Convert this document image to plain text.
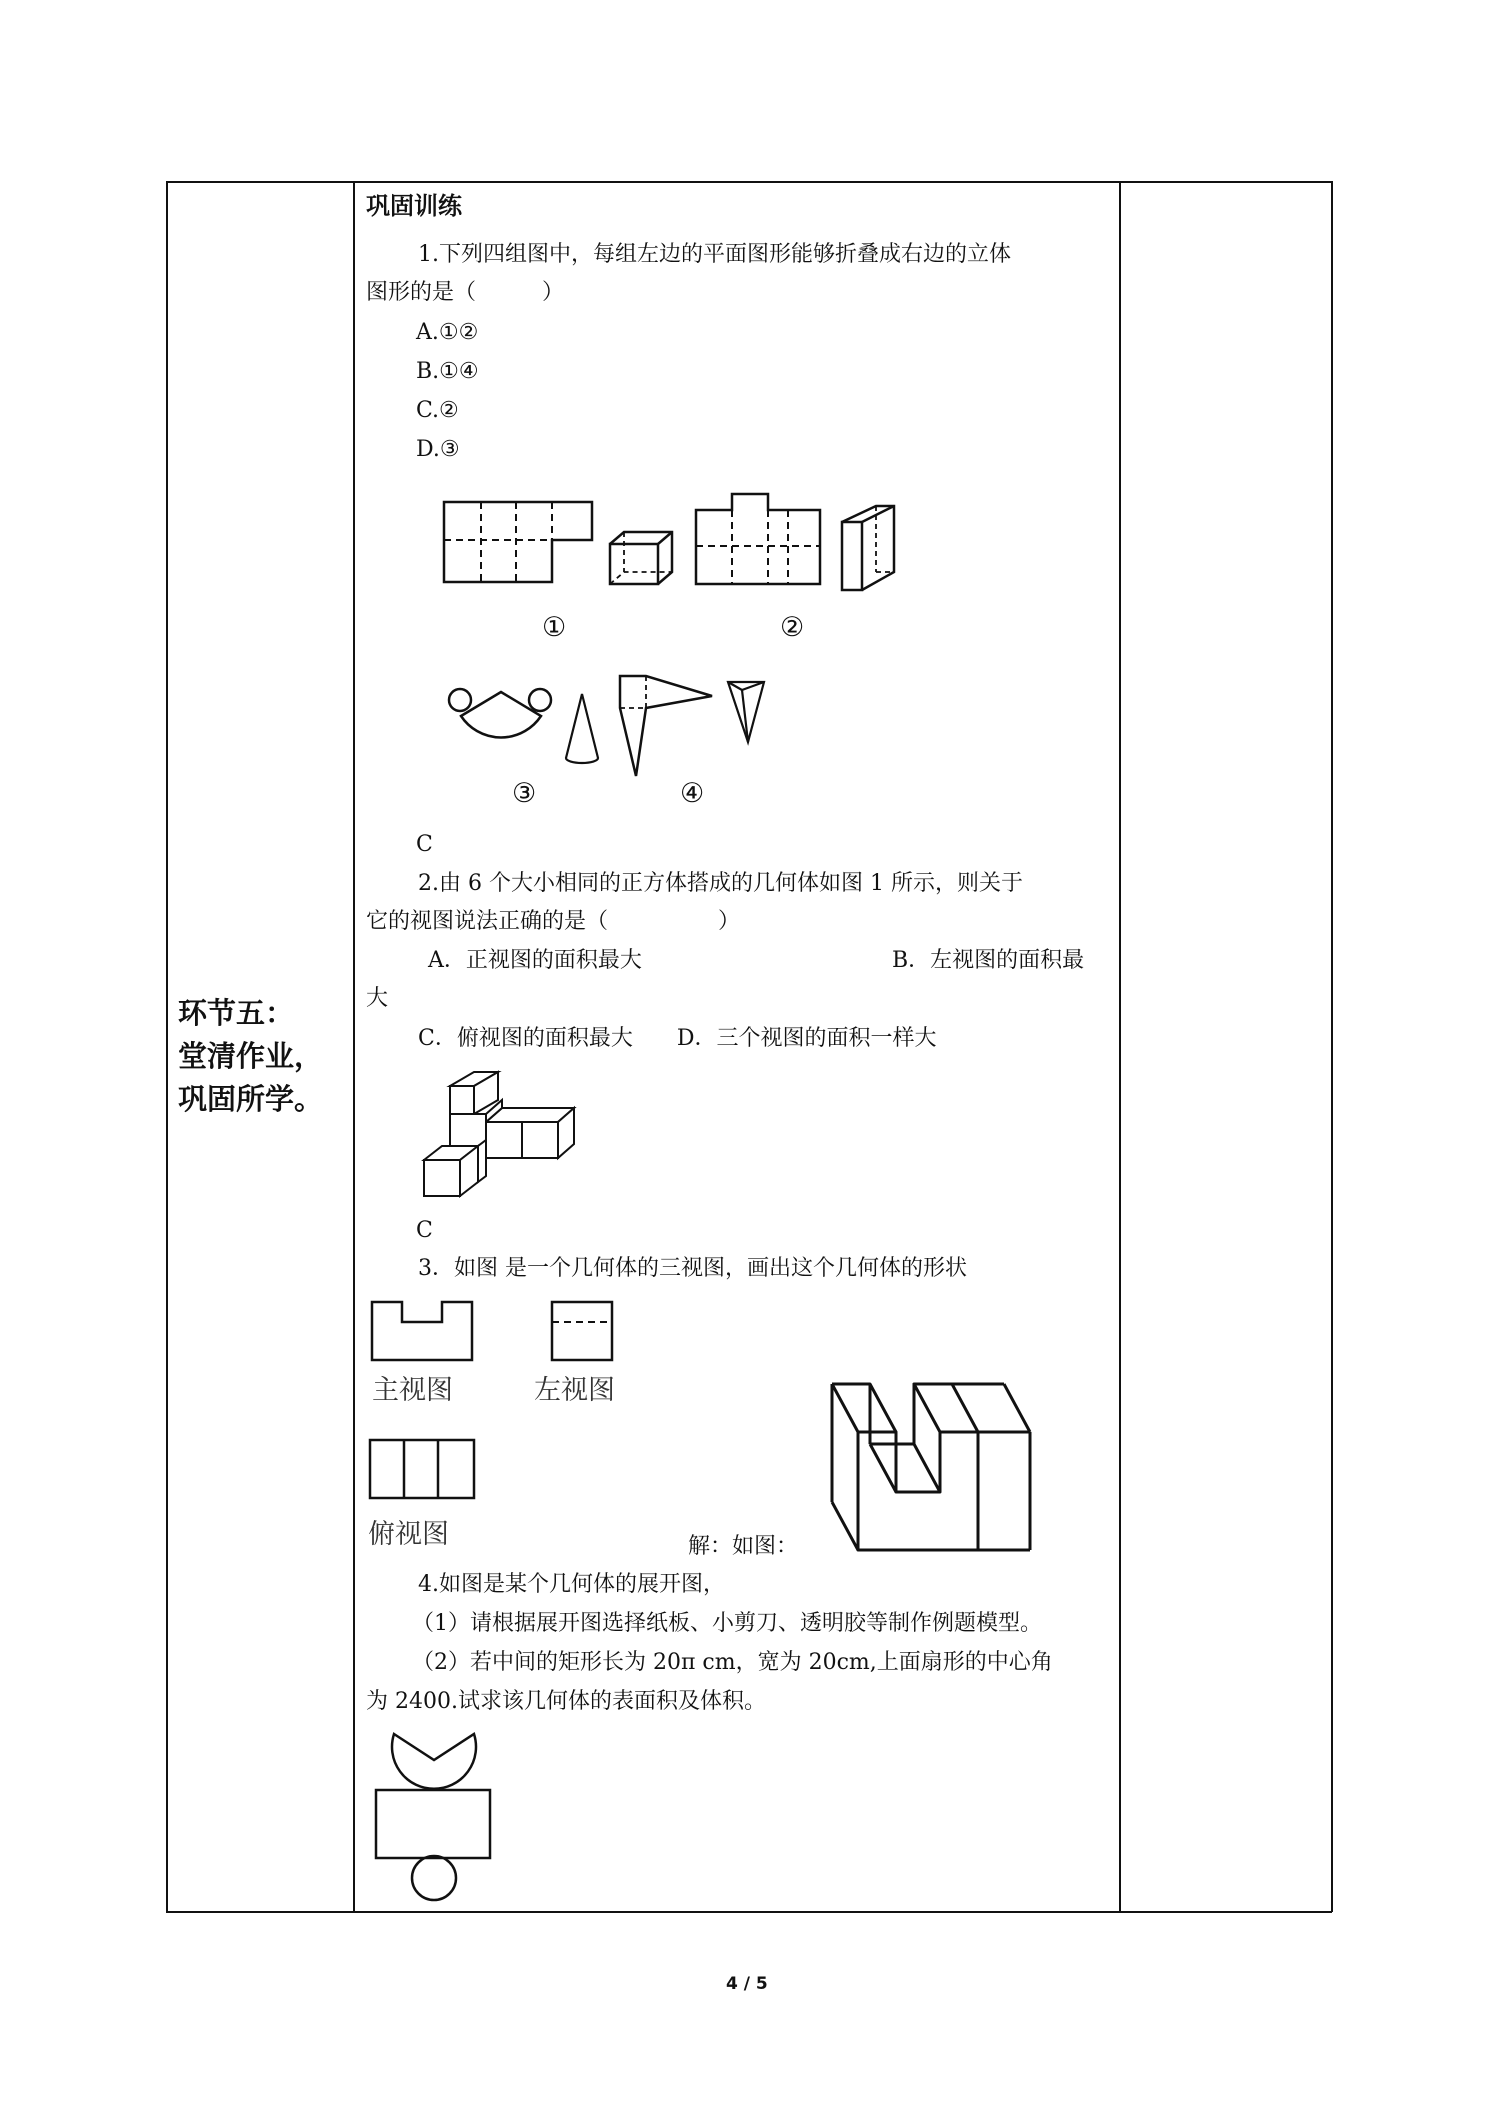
环节五：
堂清作业，
巩固所学。
巩固训练
1.下列四组图中，每组左边的平面图形能够折叠成右边的立体
图形的是（　　　）
A.①②
B.①④
C.②
D.③
①	②
③	④
C
2.由 6 个大小相同的正方体搭成的几何体如图 1 所示，则关于
它的视图说法正确的是（　　　　　）
A．正视图的面积最大	B．左视图的面积最
大
C．俯视图的面积最大　　D．三个视图的面积一样大
C
3．如图 是一个几何体的三视图，画出这个几何体的形状
主视图	左视图
俯视图	解：如图：
4.如图是某个几何体的展开图，
（1）请根据展开图选择纸板、小剪刀、透明胶等制作例题模型。
（2）若中间的矩形长为 20π cm，宽为 20cm,上面扇形的中心角
为 2400.试求该几何体的表面积及体积。
4 / 5
